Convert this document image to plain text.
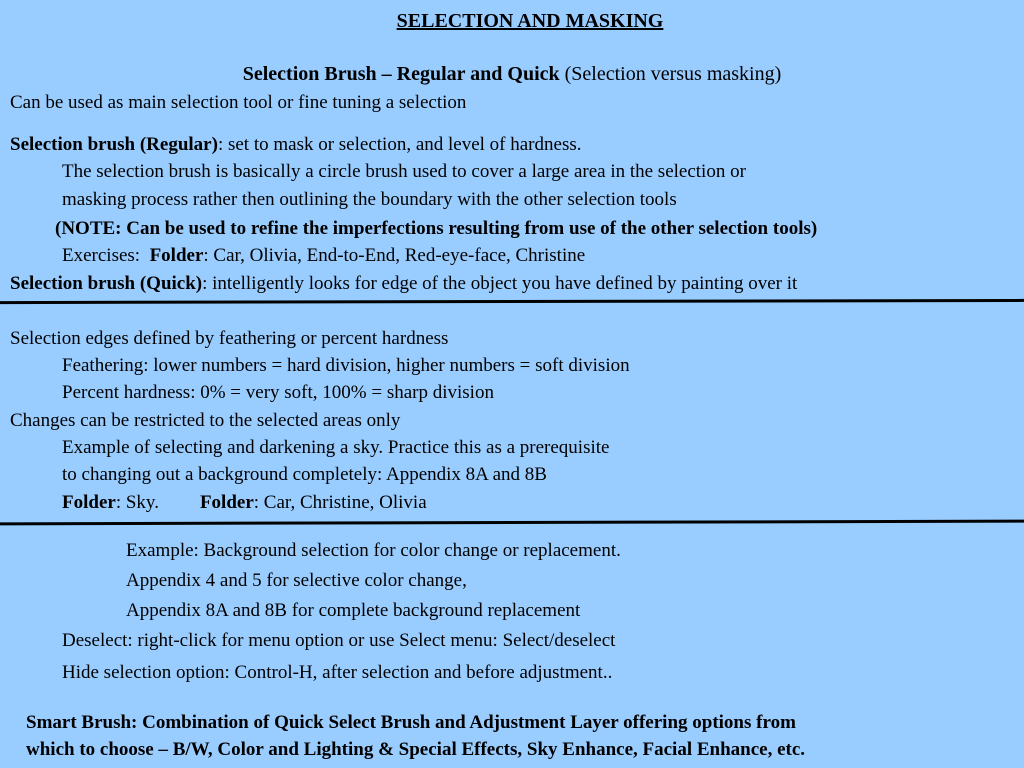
SELECTION AND MASKING
Selection Brush – Regular and Quick (Selection versus masking)
Can be used as main selection tool or fine tuning a selection
Selection brush (Regular): set to mask or selection, and level of hardness.
The selection brush is basically a circle brush used to cover a large area in the selection or
masking process rather then outlining the boundary with the other selection tools
(NOTE: Can be used to refine the imperfections resulting from use of the other selection tools)
Exercises:  Folder: Car, Olivia, End-to-End, Red-eye-face, Christine
Selection brush (Quick): intelligently looks for edge of the object you have defined by painting over it
Selection edges defined by feathering or percent hardness
Feathering: lower numbers = hard division, higher numbers = soft division
Percent hardness: 0% = very soft, 100% = sharp division
Changes can be restricted to the selected areas only
Example of selecting and darkening a sky. Practice this as a prerequisite
to changing out a background completely: Appendix 8A and 8B
Folder: Sky. Folder: Car, Christine, Olivia
Example: Background selection for color change or replacement.
Appendix 4 and 5 for selective color change,
Appendix 8A and 8B for complete background replacement
Deselect: right-click for menu option or use Select menu: Select/deselect
Hide selection option: Control-H, after selection and before adjustment..
Smart Brush: Combination of Quick Select Brush and Adjustment Layer offering options from
which to choose – B/W, Color and Lighting & Special Effects, Sky Enhance, Facial Enhance, etc.
